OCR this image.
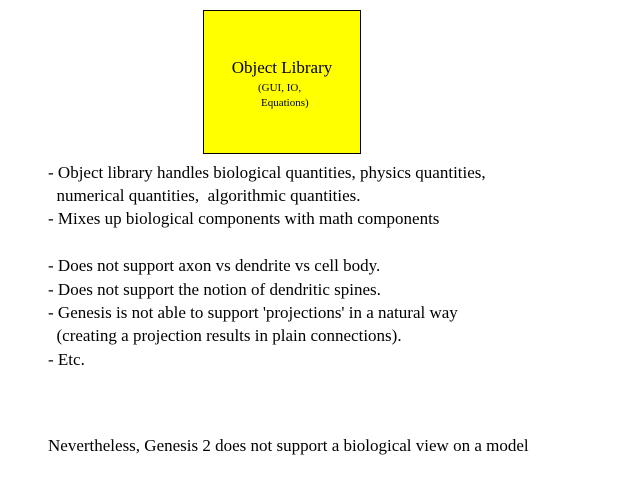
Object Library
(GUI, IO,
Equations)
- Object library handles biological quantities, physics quantities,
numerical quantities,  algorithmic quantities.
- Mixes up biological components with math components
- Does not support axon vs dendrite vs cell body.
- Does not support the notion of dendritic spines.
- Genesis is not able to support 'projections' in a natural way
(creating a projection results in plain connections).
- Etc.
Nevertheless, Genesis 2 does not support a biological view on a model
